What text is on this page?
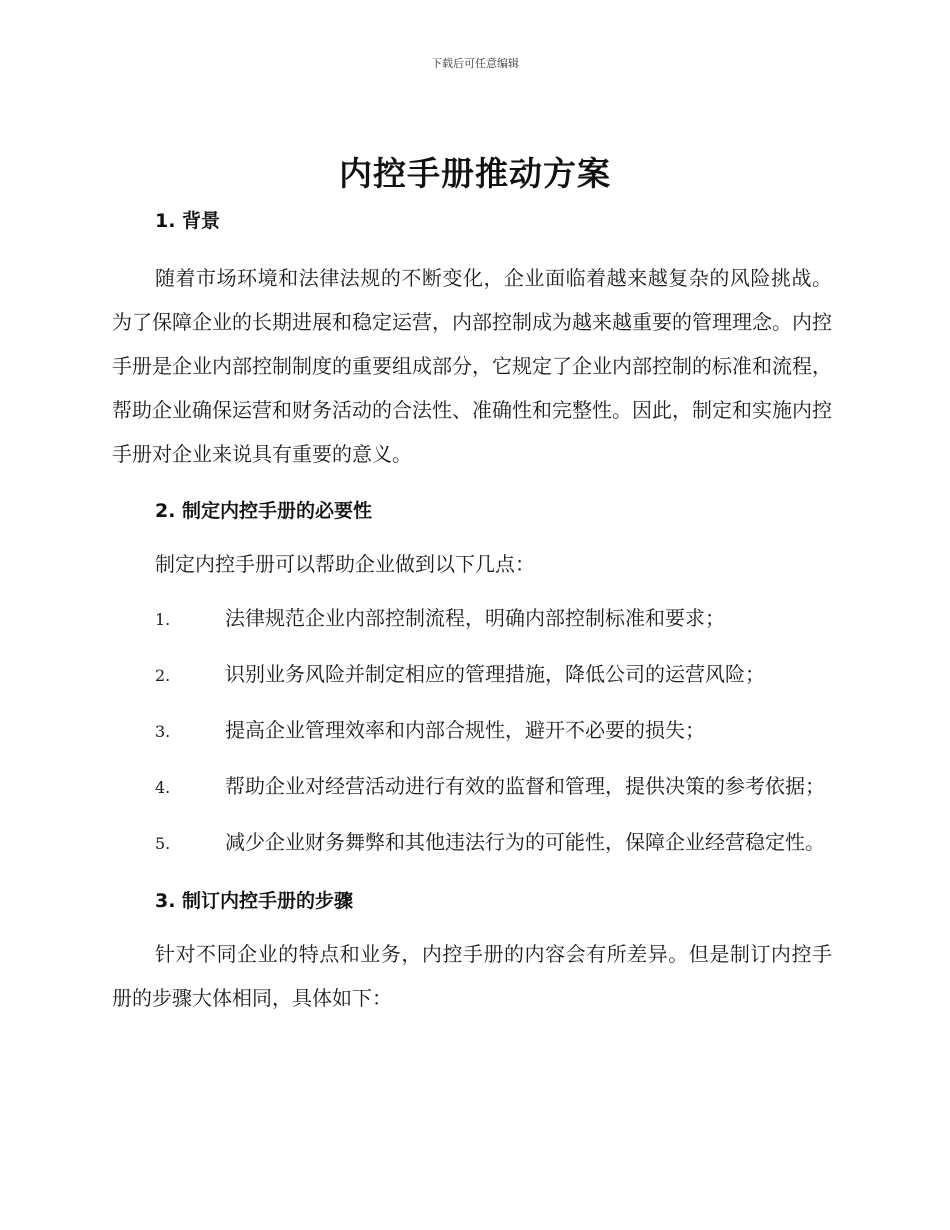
下载后可任意编辑
内控手册推动方案
1. 背景
随着市场环境和法律法规的不断变化，企业面临着越来越复杂的风险挑战。为了保障企业的长期进展和稳定运营，内部控制成为越来越重要的管理理念。内控手册是企业内部控制制度的重要组成部分，它规定了企业内部控制的标准和流程，帮助企业确保运营和财务活动的合法性、准确性和完整性。因此，制定和实施内控手册对企业来说具有重要的意义。
2. 制定内控手册的必要性
制定内控手册可以帮助企业做到以下几点：
1.	法律规范企业内部控制流程，明确内部控制标准和要求；
2.	识别业务风险并制定相应的管理措施，降低公司的运营风险；
3.	提高企业管理效率和内部合规性，避开不必要的损失；
4.	帮助企业对经营活动进行有效的监督和管理，提供决策的参考依据；
5.	减少企业财务舞弊和其他违法行为的可能性，保障企业经营稳定性。
3. 制订内控手册的步骤
针对不同企业的特点和业务，内控手册的内容会有所差异。但是制订内控手册的步骤大体相同，具体如下：
